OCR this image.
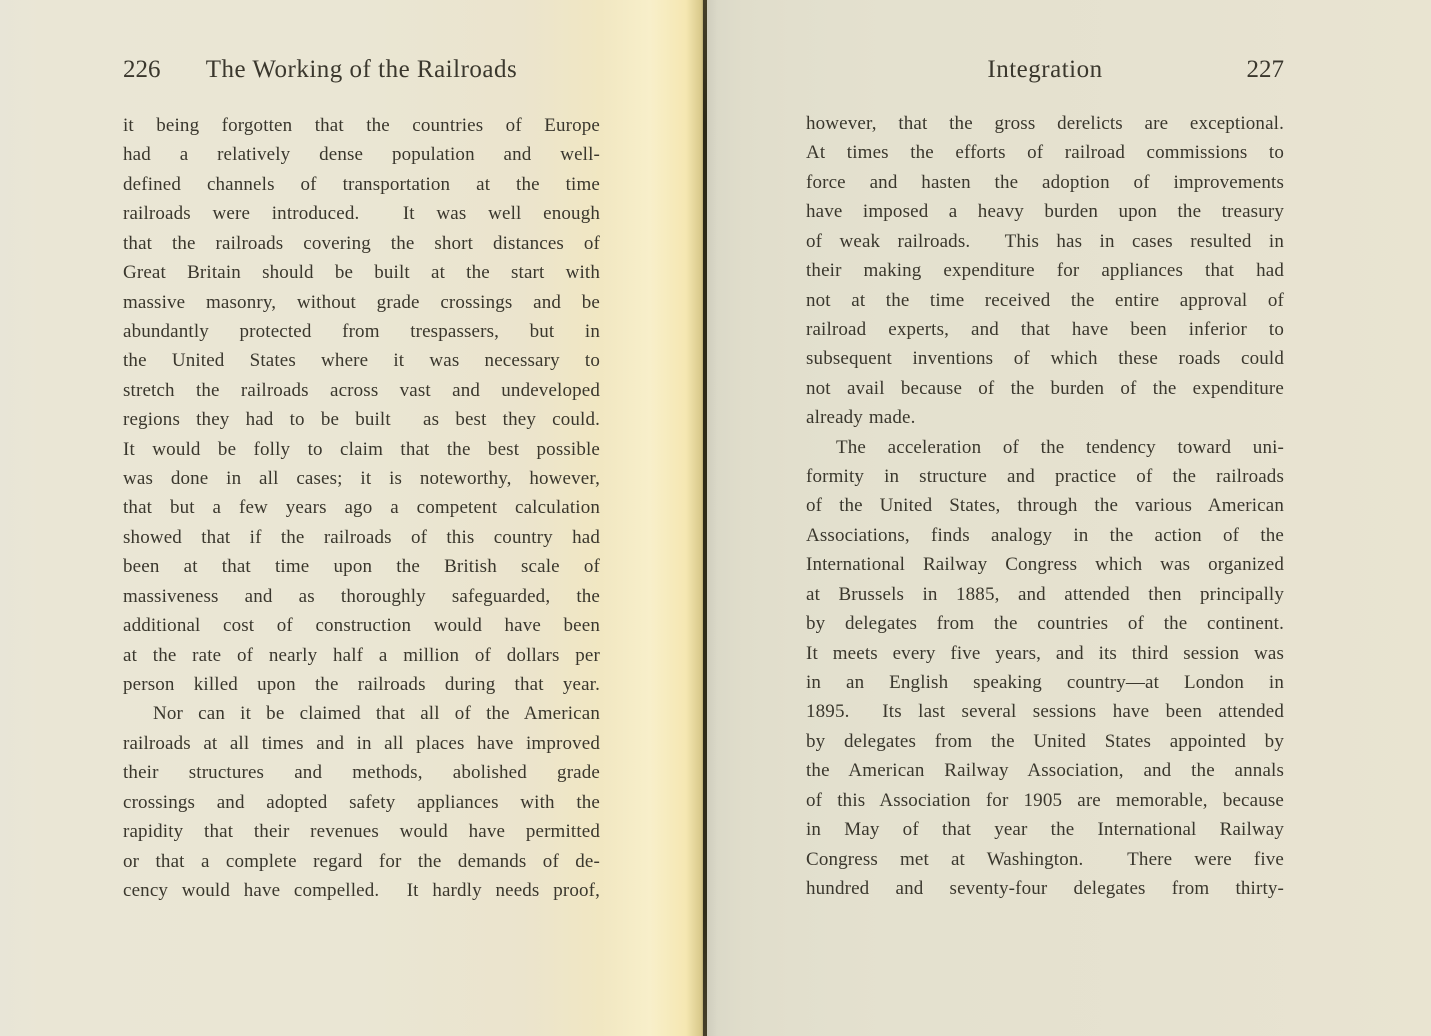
226	The Working of the Railroads	Integration	227
it being forgotten that the countries of Europe
had a relatively dense population and well-
defined channels of transportation at the time
railroads were introduced.  It was well enough
that the railroads covering the short distances of
Great Britain should be built at the start with
massive masonry, without grade crossings and be
abundantly protected from trespassers, but in
the United States where it was necessary to
stretch the railroads across vast and undeveloped
regions they had to be built  as best they could.
It would be folly to claim that the best possible
was done in all cases; it is noteworthy, however,
that but a few years ago a competent calculation
showed that if the railroads of this country had
been at that time upon the British scale of
massiveness and as thoroughly safeguarded, the
additional cost of construction would have been
at the rate of nearly half a million of dollars per
person killed upon the railroads during that year.
Nor can it be claimed that all of the American
railroads at all times and in all places have improved
their structures and methods, abolished grade
crossings and adopted safety appliances with the
rapidity that their revenues would have permitted
or that a complete regard for the demands of de-
cency would have compelled.  It hardly needs proof,
however, that the gross derelicts are exceptional.
At times the efforts of railroad commissions to
force and hasten the adoption of improvements
have imposed a heavy burden upon the treasury
of weak railroads.  This has in cases resulted in
their making expenditure for appliances that had
not at the time received the entire approval of
railroad experts, and that have been inferior to
subsequent inventions of which these roads could
not avail because of the burden of the expenditure
already made.
The acceleration of the tendency toward uni-
formity in structure and practice of the railroads
of the United States, through the various American
Associations, finds analogy in the action of the
International Railway Congress which was organized
at Brussels in 1885, and attended then principally
by delegates from the countries of the continent.
It meets every five years, and its third session was
in an English speaking country—at London in
1895.  Its last several sessions have been attended
by delegates from the United States appointed by
the American Railway Association, and the annals
of this Association for 1905 are memorable, because
in May of that year the International Railway
Congress met at Washington.  There were five
hundred and seventy-four delegates from thirty-
